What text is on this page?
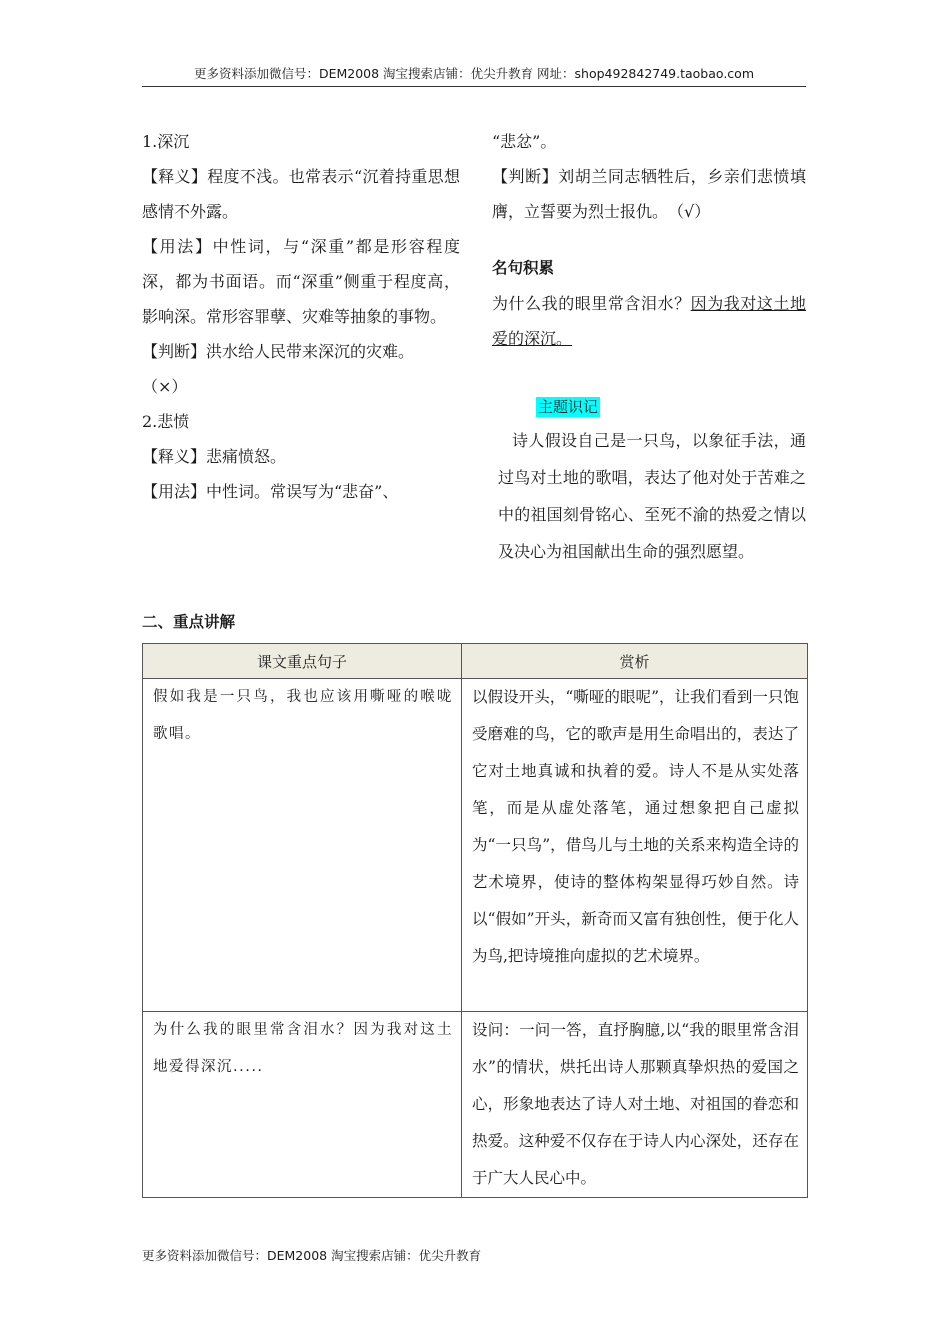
更多资料添加微信号：DEM2008 淘宝搜索店铺：优尖升教育 网址：shop492842749.taobao.com

1.深沉

【释义】程度不浅。也常表示“沉着持重思想感情不外露。

【用法】中性词，与“深重”都是形容程度深，都为书面语。而“深重”侧重于程度高，影响深。常形容罪孽、灾难等抽象的事物。

【判断】洪水给人民带来深沉的灾难。

（×）

2.悲愤

【释义】悲痛愤怒。

【用法】中性词。常误写为“悲奋”、

“悲忿”。

【判断】刘胡兰同志牺牲后，乡亲们悲愤填膺，立誓要为烈士报仇。　（√）

名句积累

为什么我的眼里常含泪水？因为我对这土地爱的深沉。

主题识记

诗人假设自己是一只鸟，以象征手法，通过鸟对土地的歌唱，表达了他对处于苦难之中的祖国刻骨铭心、至死不渝的热爱之情以及决心为祖国献出生命的强烈愿望。

二、重点讲解
课文重点句子	赏析

假如我是一只鸟，我也应该用嘶哑的喉咙歌唱。	以假设开头，“嘶哑的眼呢”，让我们看到一只饱受磨难的鸟，它的歌声是用生命唱出的，表达了它对土地真诚和执着的爱。诗人不是从实处落笔，而是从虚处落笔，通过想象把自己虚拟为“一只鸟”，借鸟儿与土地的关系来构造全诗的艺术境界，使诗的整体构架显得巧妙自然。诗以“假如”开头，新奇而又富有独创性，便于化人为鸟,把诗境推向虚拟的艺术境界。

为什么我的眼里常含泪水？因为我对这土地爱得深沉.....	设问：一问一答，直抒胸臆,以“我的眼里常含泪水”的情状，烘托出诗人那颗真挚炽热的爱国之心，形象地表达了诗人对土地、对祖国的眷恋和热爱。这种爱不仅存在于诗人内心深处，还存在于广大人民心中。

更多资料添加微信号：DEM2008 淘宝搜索店铺：优尖升教育
